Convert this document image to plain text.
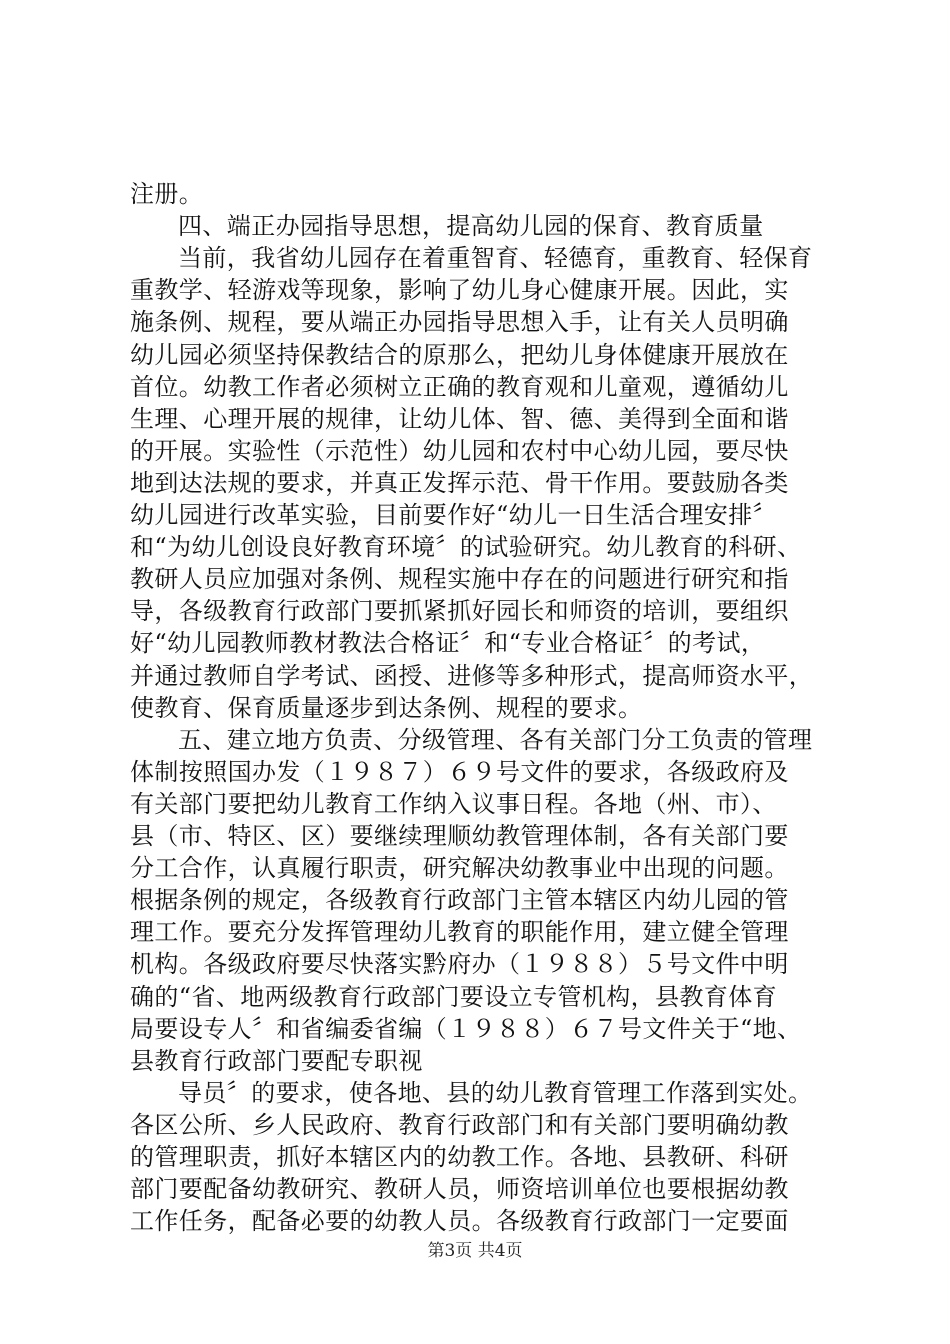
注册。
四、端正办园指导思想，提高幼儿园的保育、教育质量
当前，我省幼儿园存在着重智育、轻德育，重教育、轻保育
重教学、轻游戏等现象，影响了幼儿身心健康开展。因此，实
施条例、规程，要从端正办园指导思想入手，让有关人员明确
幼儿园必须坚持保教结合的原那么，把幼儿身体健康开展放在
首位。幼教工作者必须树立正确的教育观和儿童观，遵循幼儿
生理、心理开展的规律，让幼儿体、智、德、美得到全面和谐
的开展。实验性（示范性）幼儿园和农村中心幼儿园，要尽快
地到达法规的要求，并真正发挥示范、骨干作用。要鼓励各类
幼儿园进行改革实验，目前要作好“幼儿一日生活合理安排〞
和“为幼儿创设良好教育环境〞的试验研究。幼儿教育的科研、
教研人员应加强对条例、规程实施中存在的问题进行研究和指
导，各级教育行政部门要抓紧抓好园长和师资的培训，要组织
好“幼儿园教师教材教法合格证〞和“专业合格证〞的考试，
并通过教师自学考试、函授、进修等多种形式，提高师资水平，
使教育、保育质量逐步到达条例、规程的要求。
五、建立地方负责、分级管理、各有关部门分工负责的管理
体制按照国办发（１９８７）６９号文件的要求，各级政府及
有关部门要把幼儿教育工作纳入议事日程。各地（州、市）、
县（市、特区、区）要继续理顺幼教管理体制，各有关部门要
分工合作，认真履行职责，研究解决幼教事业中出现的问题。
根据条例的规定，各级教育行政部门主管本辖区内幼儿园的管
理工作。要充分发挥管理幼儿教育的职能作用，建立健全管理
机构。各级政府要尽快落实黔府办（１９８８）５号文件中明
确的“省、地两级教育行政部门要设立专管机构，县教育体育
局要设专人〞和省编委省编（１９８８）６７号文件关于“地、
县教育行政部门要配专职视
导员〞的要求，使各地、县的幼儿教育管理工作落到实处。
各区公所、乡人民政府、教育行政部门和有关部门要明确幼教
的管理职责，抓好本辖区内的幼教工作。各地、县教研、科研
部门要配备幼教研究、教研人员，师资培训单位也要根据幼教
工作任务，配备必要的幼教人员。各级教育行政部门一定要面
第3页 共4页
